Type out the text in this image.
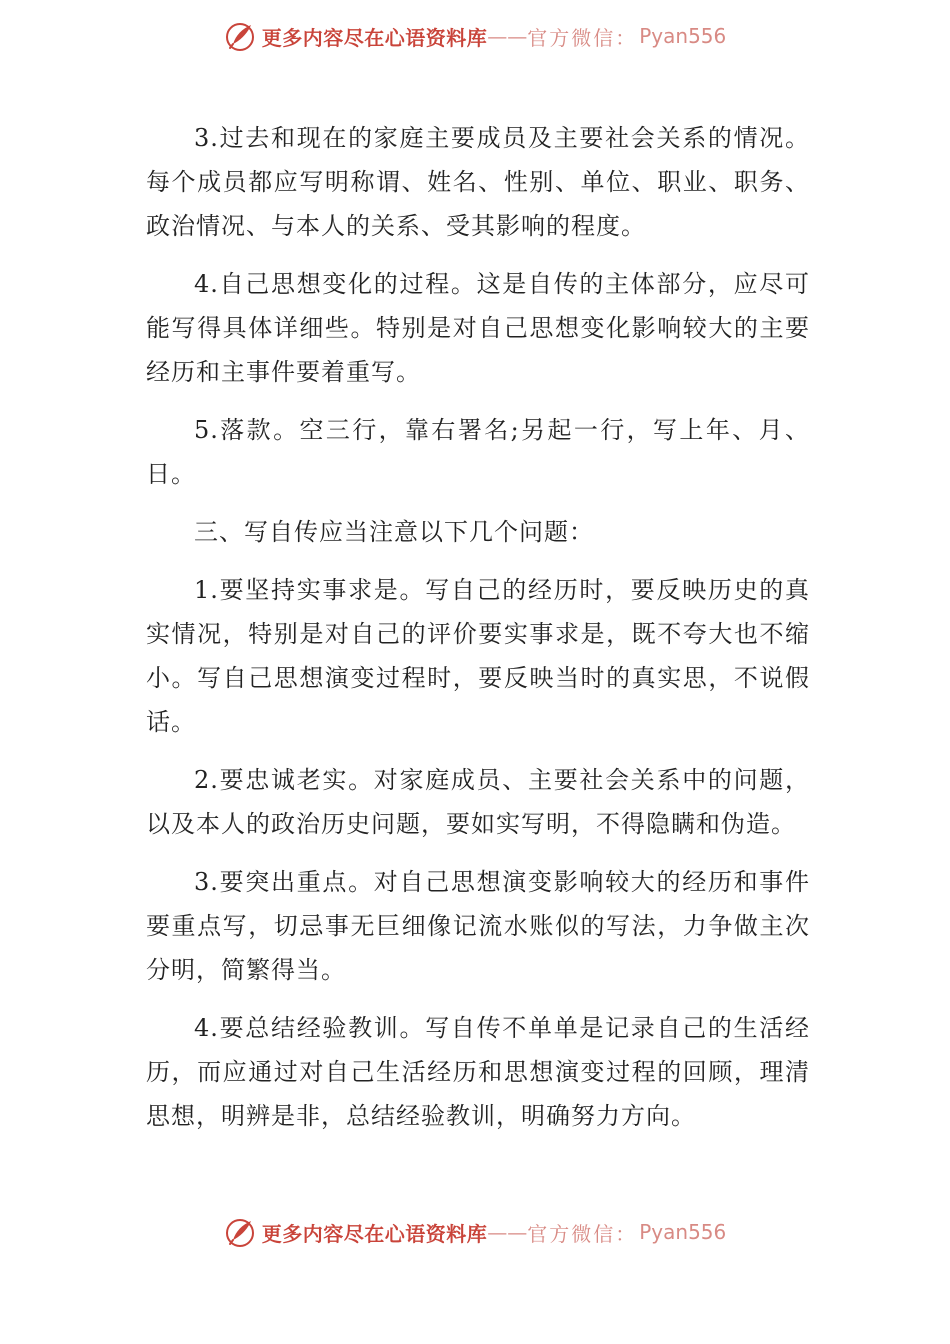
更多内容尽在心语资料库 —— 官方微信： Pyan556

3.过去和现在的家庭主要成员及主要社会关系的情况。每个成员都应写明称谓、姓名、性别、单位、职业、职务、政治情况、与本人的关系、受其影响的程度。

4.自己思想变化的过程。这是自传的主体部分，应尽可能写得具体详细些。特别是对自己思想变化影响较大的主要经历和主事件要着重写。

5.落款。空三行，靠右署名;另起一行，写上年、月、日。

三、写自传应当注意以下几个问题：

1.要坚持实事求是。写自己的经历时，要反映历史的真实情况，特别是对自己的评价要实事求是，既不夸大也不缩小。写自己思想演变过程时，要反映当时的真实思，不说假话。

2.要忠诚老实。对家庭成员、主要社会关系中的问题，以及本人的政治历史问题，要如实写明，不得隐瞒和伪造。

3.要突出重点。对自己思想演变影响较大的经历和事件要重点写，切忌事无巨细像记流水账似的写法，力争做主次分明，简繁得当。

4.要总结经验教训。写自传不单单是记录自己的生活经历，而应通过对自己生活经历和思想演变过程的回顾，理清思想，明辨是非，总结经验教训，明确努力方向。

更多内容尽在心语资料库 —— 官方微信： Pyan556
